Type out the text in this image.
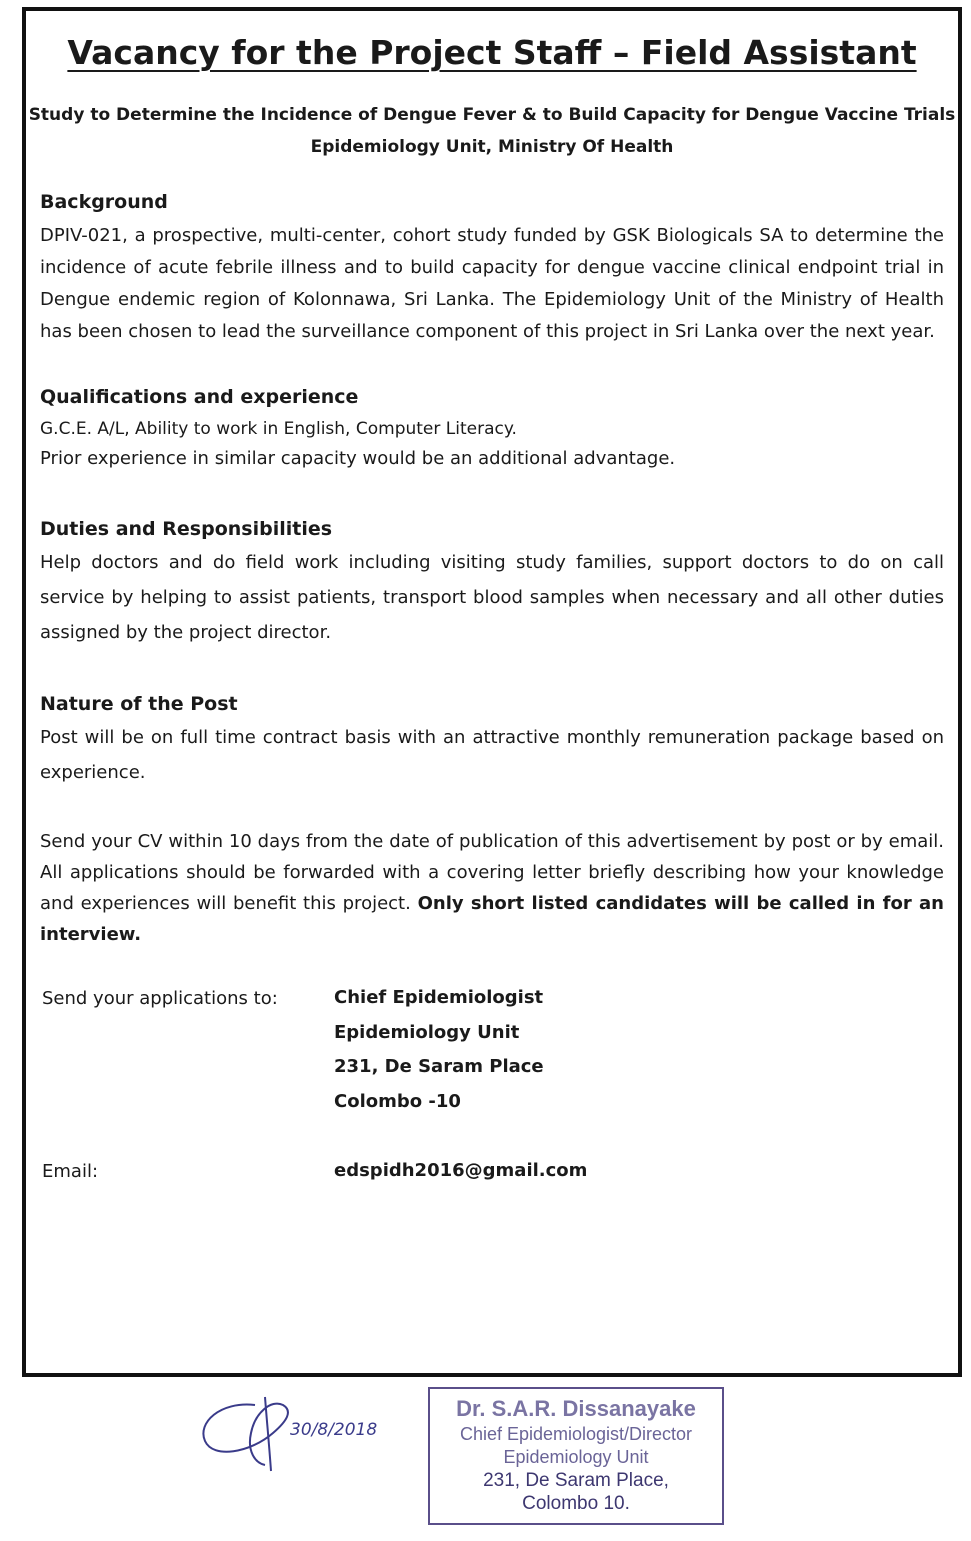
Vacancy for the Project Staff – Field Assistant
Study to Determine the Incidence of Dengue Fever & to Build Capacity for Dengue Vaccine Trials
Epidemiology Unit, Ministry Of Health
Background
DPIV-021, a prospective, multi-center, cohort study funded by GSK Biologicals SA to determine the incidence of acute febrile illness and to build capacity for dengue vaccine clinical endpoint trial in Dengue endemic region of Kolonnawa, Sri Lanka. The Epidemiology Unit of the Ministry of Health has been chosen to lead the surveillance component of this project in Sri Lanka over the next year.
Qualifications and experience
G.C.E. A/L, Ability to work in English, Computer Literacy.
Prior experience in similar capacity would be an additional advantage.
Duties and Responsibilities
Help doctors and do field work including visiting study families, support doctors to do on call service by helping to assist patients, transport blood samples when necessary and all other duties assigned by the project director.
Nature of the Post
Post will be on full time contract basis with an attractive monthly remuneration package based on experience.
Send your CV within 10 days from the date of publication of this advertisement by post or by email. All applications should be forwarded with a covering letter briefly describing how your knowledge and experiences will benefit this project. Only short listed candidates will be called in for an interview.
Send your applications to:	Chief Epidemiologist
Epidemiology Unit
231, De Saram Place
Colombo -10
Email:	edspidh2016@gmail.com
30/8/2018
Dr. S.A.R. Dissanayake
Chief Epidemiologist/Director
Epidemiology Unit
231, De Saram Place,
Colombo 10.
